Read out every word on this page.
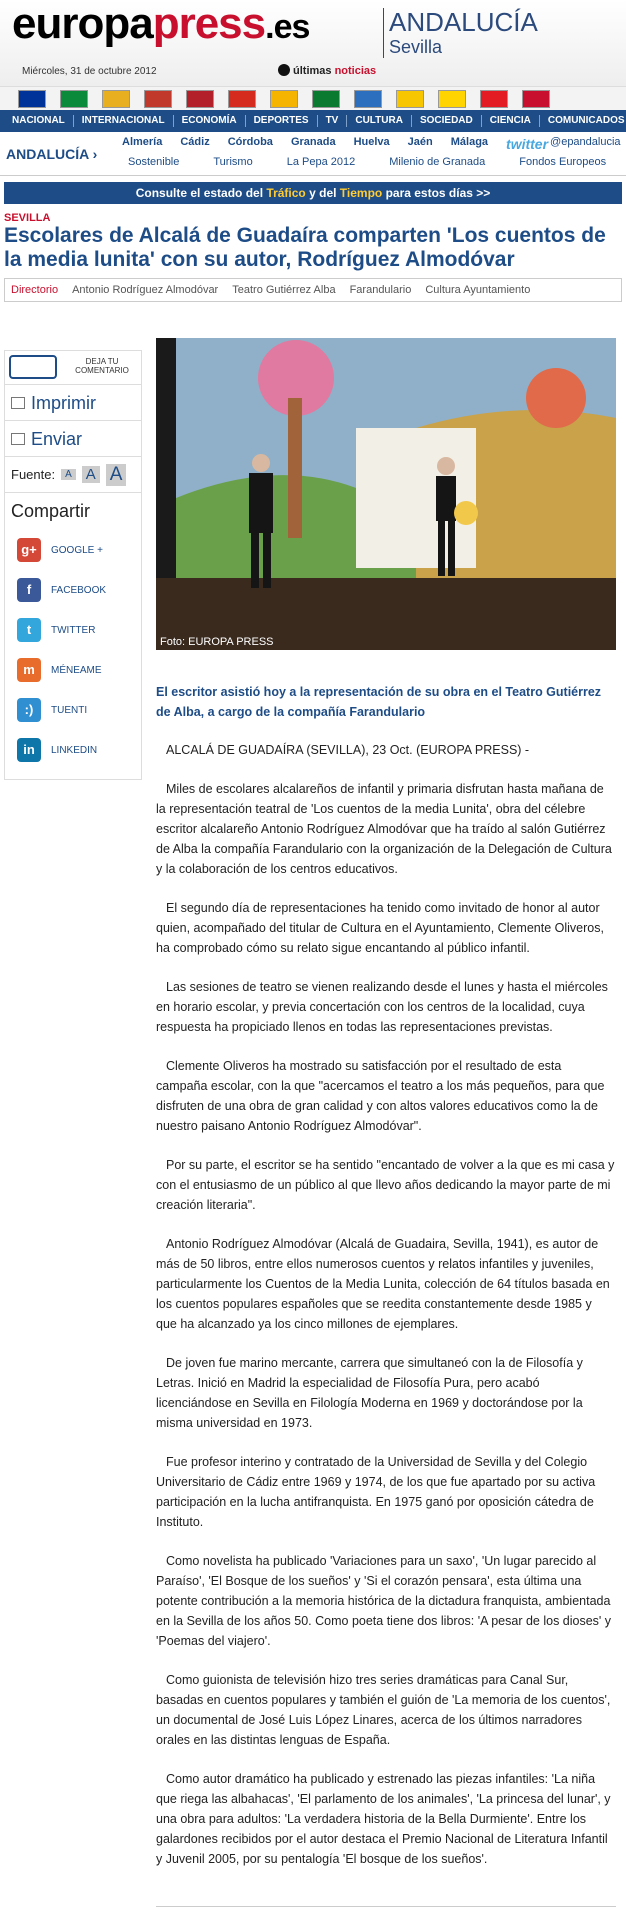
europapress.es	ANDALUCÍA
Sevilla
Miércoles, 31 de octubre 2012	últimas noticias
NACIONAL	INTERNACIONAL	ECONOMÍA	DEPORTES	TV	CULTURA	SOCIEDAD	CIENCIA	COMUNICADOS
ANDALUCÍA ›
Almería Cádiz Córdoba Granada Huelva Jaén Málaga twitter @epandalucia
Sostenible	Turismo	La Pepa 2012	Milenio de Granada	Fondos Europeos
Consulte el estado del Tráfico y del Tiempo para estos días >>
SEVILLA
Escolares de Alcalá de Guadaíra comparten 'Los cuentos de la media lunita' con su autor, Rodríguez Almodóvar
Directorio Antonio Rodríguez Almodóvar Teatro Gutiérrez Alba Farandulario Cultura Ayuntamiento
DEJA TU COMENTARIO
Imprimir
Enviar
Fuente:	A A A
Compartir
g+	GOOGLE +
f	FACEBOOK
t	TWITTER
m	MÉNEAME
:)	TUENTI
in	LINKEDIN
Foto: EUROPA PRESS
El escritor asistió hoy a la representación de su obra en el Teatro Gutiérrez de Alba, a cargo de la compañía Farandulario

ALCALÁ DE GUADAÍRA (SEVILLA), 23 Oct. (EUROPA PRESS) -

Miles de escolares alcalareños de infantil y primaria disfrutan hasta mañana de la representación teatral de 'Los cuentos de la media Lunita', obra del célebre escritor alcalareño Antonio Rodríguez Almodóvar que ha traído al salón Gutiérrez de Alba la compañía Farandulario con la organización de la Delegación de Cultura y la colaboración de los centros educativos.

El segundo día de representaciones ha tenido como invitado de honor al autor quien, acompañado del titular de Cultura en el Ayuntamiento, Clemente Oliveros, ha comprobado cómo su relato sigue encantando al público infantil.

Las sesiones de teatro se vienen realizando desde el lunes y hasta el miércoles en horario escolar, y previa concertación con los centros de la localidad, cuya respuesta ha propiciado llenos en todas las representaciones previstas.

Clemente Oliveros ha mostrado su satisfacción por el resultado de esta campaña escolar, con la que "acercamos el teatro a los más pequeños, para que disfruten de una obra de gran calidad y con altos valores educativos como la de nuestro paisano Antonio Rodríguez Almodóvar".

Por su parte, el escritor se ha sentido "encantado de volver a la que es mi casa y con el entusiasmo de un público al que llevo años dedicando la mayor parte de mi creación literaria".

Antonio Rodríguez Almodóvar (Alcalá de Guadaira, Sevilla, 1941), es autor de más de 50 libros, entre ellos numerosos cuentos y relatos infantiles y juveniles, particularmente los Cuentos de la Media Lunita, colección de 64 títulos basada en los cuentos populares españoles que se reedita constantemente desde 1985 y que ha alcanzado ya los cinco millones de ejemplares.

De joven fue marino mercante, carrera que simultaneó con la de Filosofía y Letras. Inició en Madrid la especialidad de Filosofía Pura, pero acabó licenciándose en Sevilla en Filología Moderna en 1969 y doctorándose por la misma universidad en 1973.

Fue profesor interino y contratado de la Universidad de Sevilla y del Colegio Universitario de Cádiz entre 1969 y 1974, de los que fue apartado por su activa participación en la lucha antifranquista. En 1975 ganó por oposición cátedra de Instituto.

Como novelista ha publicado 'Variaciones para un saxo', 'Un lugar parecido al Paraíso', 'El Bosque de los sueños' y 'Si el corazón pensara', esta última una potente contribución a la memoria histórica de la dictadura franquista, ambientada en la Sevilla de los años 50. Como poeta tiene dos libros: 'A pesar de los dioses' y 'Poemas del viajero'.

Como guionista de televisión hizo tres series dramáticas para Canal Sur, basadas en cuentos populares y también el guión de 'La memoria de los cuentos', un documental de José Luis López Linares, acerca de los últimos narradores orales en las distintas lenguas de España.

Como autor dramático ha publicado y estrenado las piezas infantiles: 'La niña que riega las albahacas', 'El parlamento de los animales', 'La princesa del lunar', y una obra para adultos: 'La verdadera historia de la Bella Durmiente'. Entre los galardones recibidos por el autor destaca el Premio Nacional de Literatura Infantil y Juvenil 2005, por su pentalogía 'El bosque de los sueños'.
